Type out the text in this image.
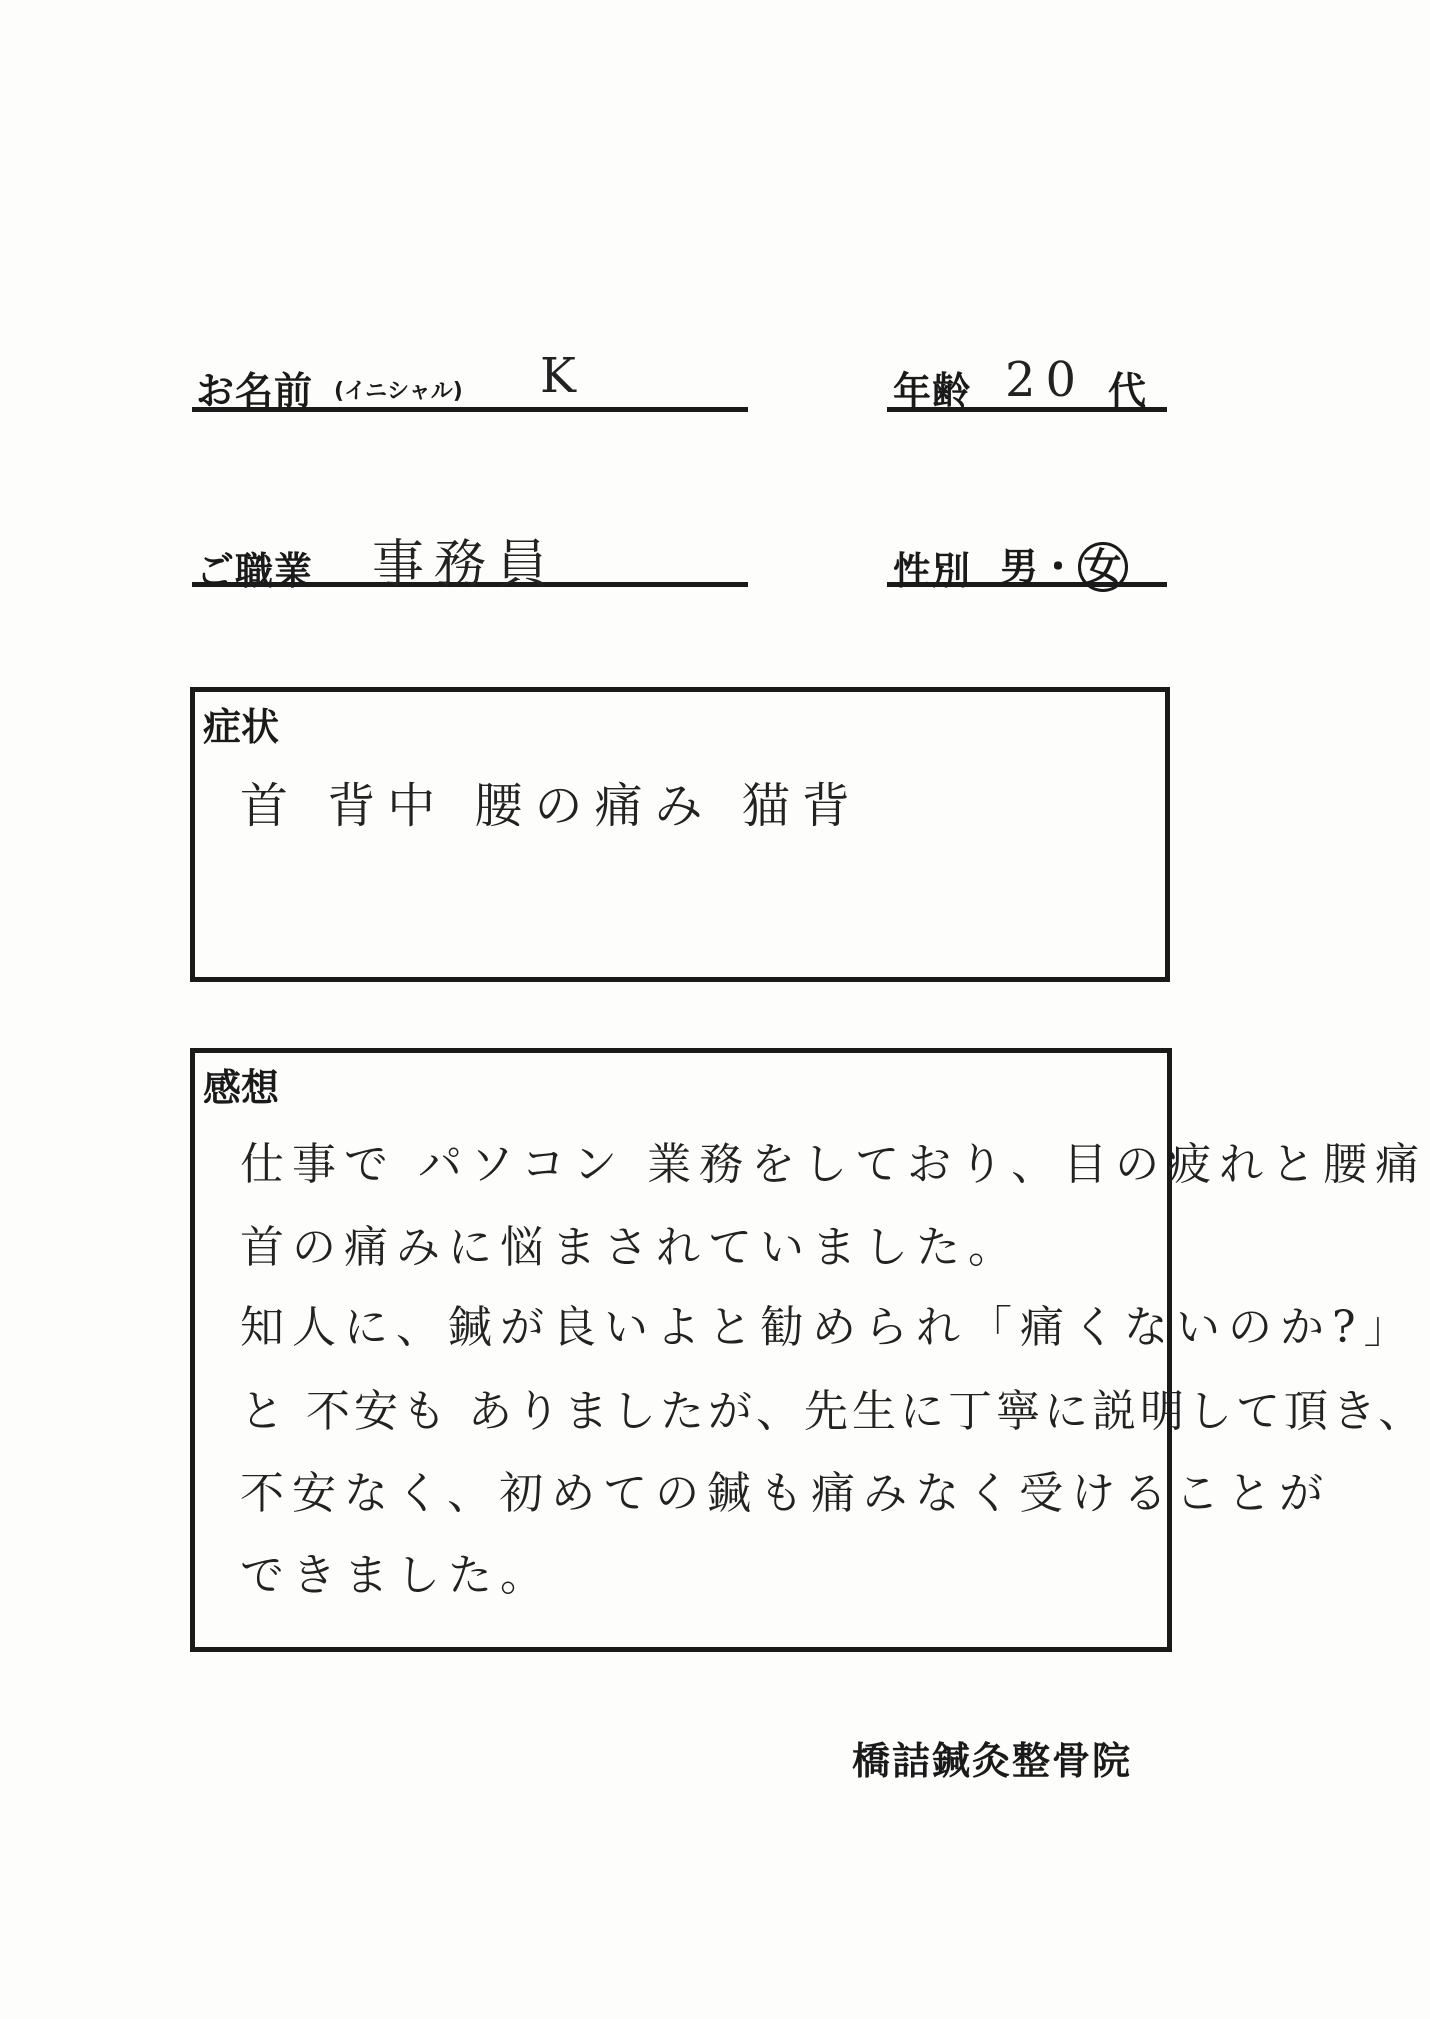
お名前 (イニシャル) K	年齢 20 代
ご職業 事務員	性別 男・ 女
症状
首 背中 腰の痛み 猫背
感想
仕事で パソコン 業務をしており、目の疲れと腰痛
首の痛みに悩まされていました。
知人に、鍼が良いよと勧められ「痛くないのか?」
と 不安も ありましたが、先生に丁寧に説明して頂き、
不安なく、初めての鍼も痛みなく受けることが
できました。
橋詰鍼灸整骨院
